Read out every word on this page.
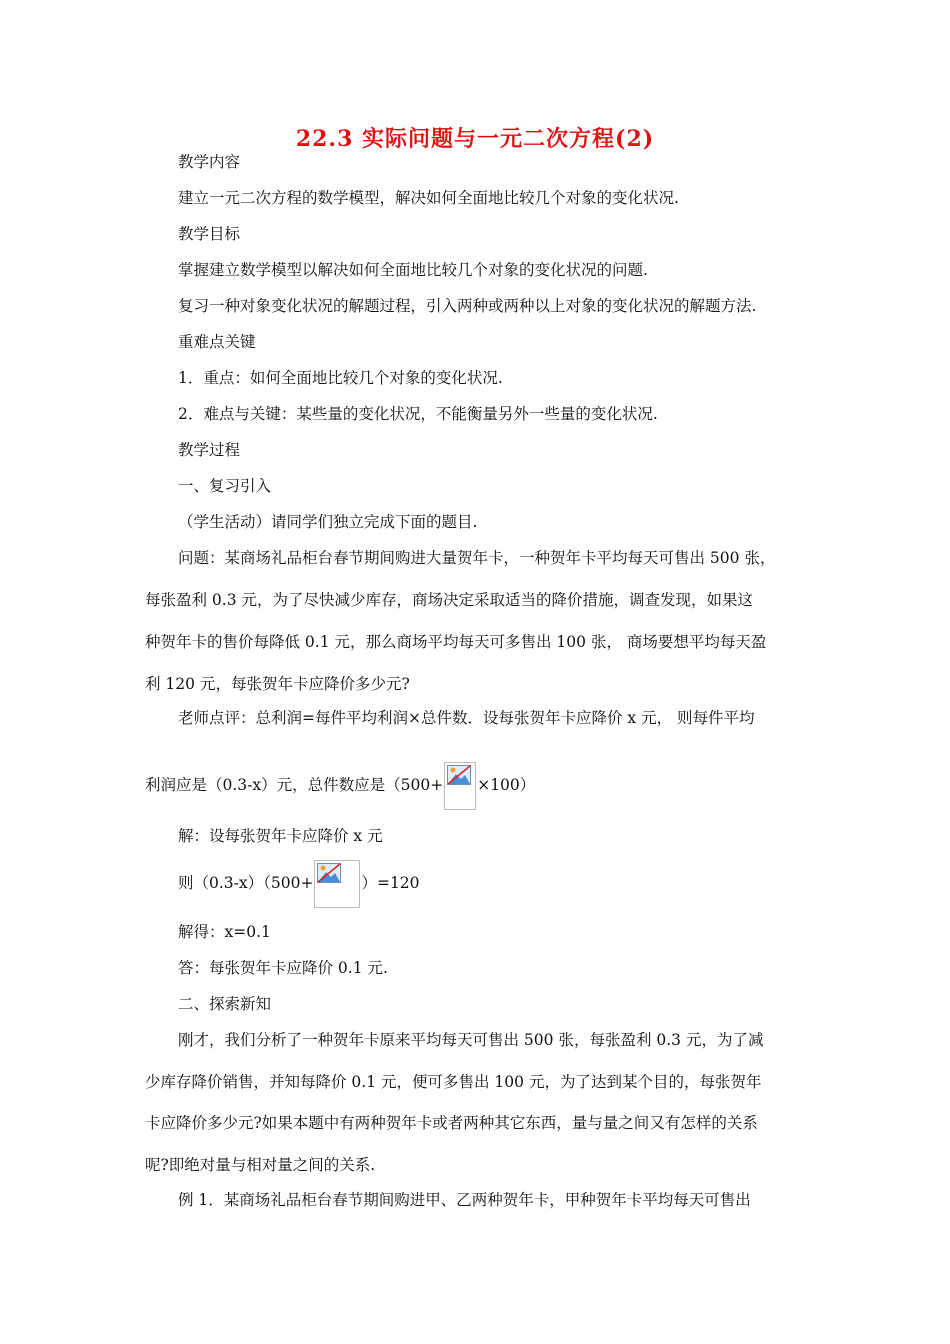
22.3 实际问题与一元二次方程(2)
教学内容
建立一元二次方程的数学模型，解决如何全面地比较几个对象的变化状况.
教学目标
掌握建立数学模型以解决如何全面地比较几个对象的变化状况的问题.
复习一种对象变化状况的解题过程，引入两种或两种以上对象的变化状况的解题方法.
重难点关键
1．重点：如何全面地比较几个对象的变化状况.
2．难点与关键：某些量的变化状况，不能衡量另外一些量的变化状况.
教学过程
一、复习引入
（学生活动）请同学们独立完成下面的题目.
问题：某商场礼品柜台春节期间购进大量贺年卡，一种贺年卡平均每天可售出 500 张，
每张盈利 0.3 元，为了尽快减少库存，商场决定采取适当的降价措施，调查发现，如果这
种贺年卡的售价每降低 0.1 元，那么商场平均每天可多售出 100 张， 商场要想平均每天盈
利 120 元，每张贺年卡应降价多少元?
老师点评：总利润=每件平均利润×总件数．设每张贺年卡应降价 x 元， 则每件平均
利润应是（0.3-x）元，总件数应是（500+ ×100）
解：设每张贺年卡应降价 x 元
则（0.3-x）（500+	）=120
解得：x=0.1
答：每张贺年卡应降价 0.1 元.
二、探索新知
刚才，我们分析了一种贺年卡原来平均每天可售出 500 张，每张盈利 0.3 元，为了减
少库存降价销售，并知每降价 0.1 元，便可多售出 100 元，为了达到某个目的，每张贺年
卡应降价多少元?如果本题中有两种贺年卡或者两种其它东西，量与量之间又有怎样的关系
呢?即绝对量与相对量之间的关系.
例 1．某商场礼品柜台春节期间购进甲、乙两种贺年卡，甲种贺年卡平均每天可售出
